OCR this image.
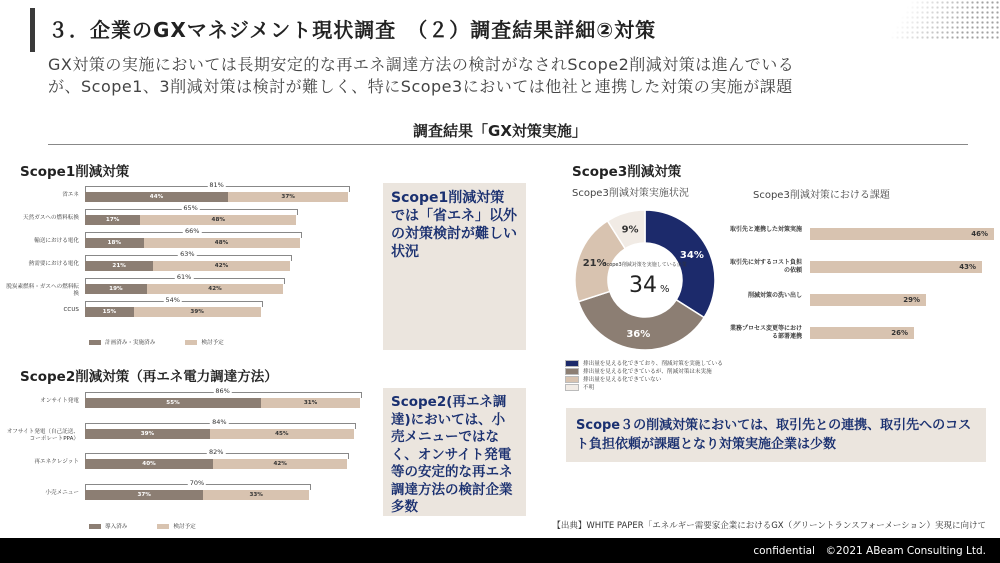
３．企業のGXマネジメント現状調査　（２）調査結果詳細②対策
GX対策の実施においては長期安定的な再エネ調達方法の検討がなされScope2削減対策は進んでいる
が、Scope1、3削減対策は検討が難しく、特にScope3においては他社と連携した対策の実施が課題
調査結果「GX対策実施」
Scope1削減対策
省エネ
81%
44%	37%
天然ガスへの燃料転換
65%
17%	48%
輸送における電化
66%
18%	48%
熱需要における電化
63%
21%	42%
脱炭素燃料・ガスへの燃料転換
61%
19%	42%
CCUS
54%
15%	39%
計画済み・実施済み	検討予定
Scope1削減対策では「省エネ」以外の対策検討が難しい状況
Scope2削減対策（再エネ電力調達方法）
オンサイト発電
86%
55%	31%
オフサイト発電（自己託送、コーポレートPPA）
84%
39%	45%
再エネクレジット
82%
40%	42%
小売メニュー
70%
37%	33%
導入済み	検討予定
Scope2(再エネ調達)においては、小売メニューではなく、オンサイト発電等の安定的な再エネ調達方法の検討企業多数
Scope3削減対策
Scope3削減対策実施状況
34%
36%
21%
9%
Scope3削減対策を実施している企業
34 %
排出量を見える化できており、削減対策を実施している
排出量を見える化できているが、削減対策は未実施
排出量を見える化できていない
不明
Scope3削減対策における課題
取引先と連携した対策実施
46%
取引先に対するコスト負担の依頼	43%
削減対策の洗い出し
29%
業務プロセス変更等における部署連携	26%
Scope３の削減対策においては、取引先との連携、取引先へのコスト負担依頼が課題となり対策実施企業は少数
【出典】WHITE PAPER「エネルギー需要家企業におけるGX（グリーントランスフォーメーション）実現に向けて
confidential　©2021 ABeam Consulting Ltd.
